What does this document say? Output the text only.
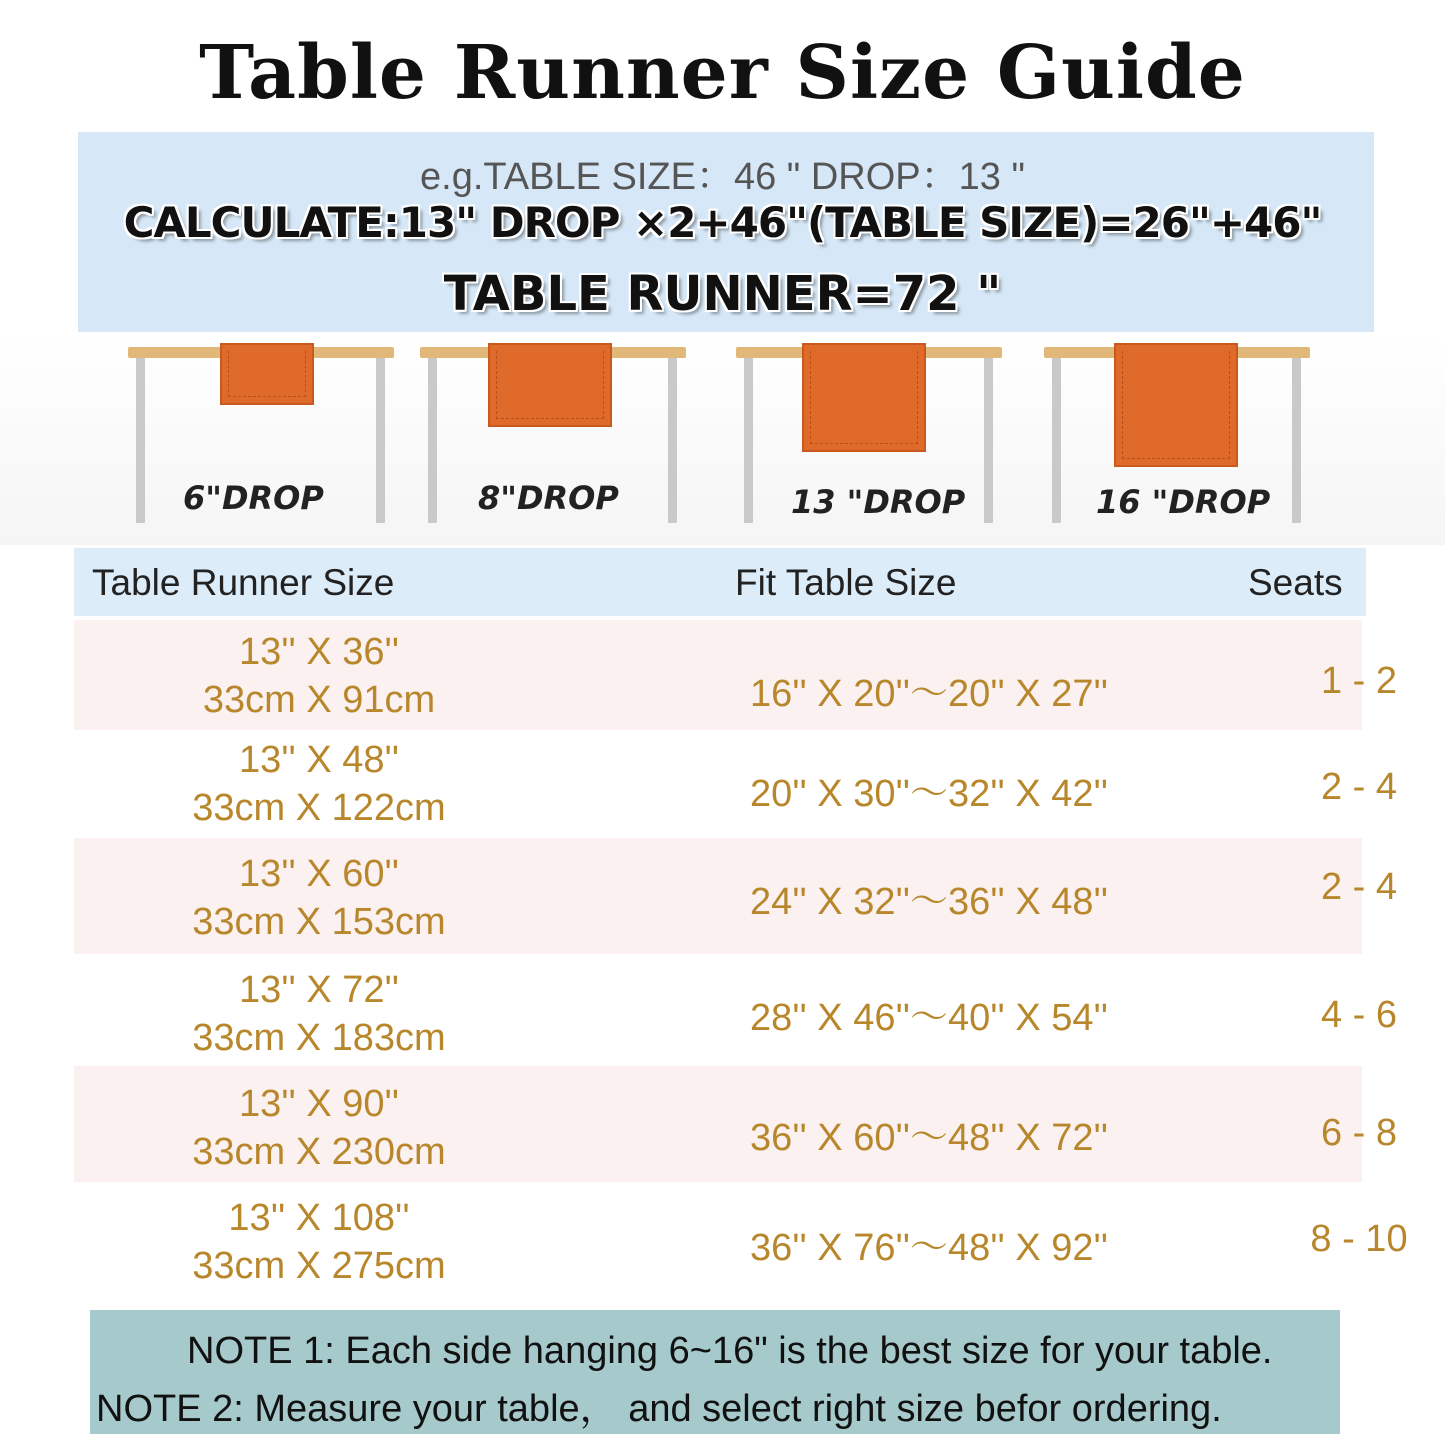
Table Runner Size Guide
e.g.TABLE SIZE：46 " DROP：13 "
CALCULATE:13" DROP ×2+46"(TABLE SIZE)=26"+46"
TABLE RUNNER=72 "
6"DROP	8"DROP	13 "DROP	16 "DROP
Table Runner Size	Fit Table Size	Seats
13'' X 36''
33cm X 91cm	16'' X 20''～20'' X 27''	1 - 2
13'' X 48''
33cm X 122cm	20'' X 30''～32'' X 42''	2 - 4
13'' X 60''
33cm X 153cm	24'' X 32''～36'' X 48''	2 - 4
13'' X 72''
33cm X 183cm	28'' X 46''～40'' X 54''	4 - 6
13'' X 90''
33cm X 230cm	36'' X 60''～48'' X 72''	6 - 8
13'' X 108''
33cm X 275cm	36'' X 76''～48'' X 92''	8 - 10
NOTE 1: Each side hanging 6~16" is the best size for your table.
NOTE 2: Measure your table， and select right size befor ordering.
